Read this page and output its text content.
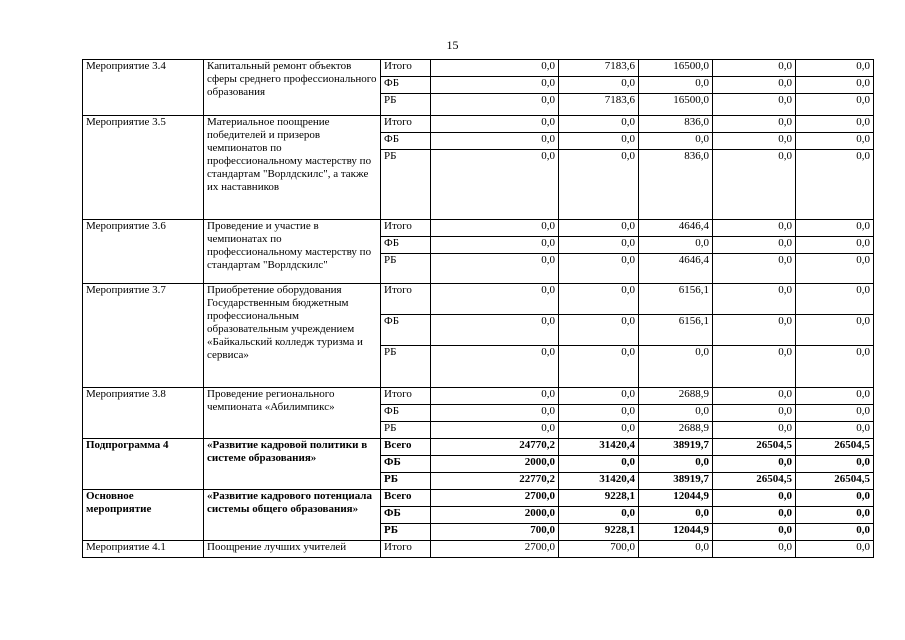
15
Мероприятие 3.4	Капитальный ремонт объектов сферы среднего профессионального образования	Итого	0,0	7183,6	16500,0	0,0	0,0
		ФБ	0,0	0,0	0,0	0,0	0,0
		РБ	0,0	7183,6	16500,0	0,0	0,0
Мероприятие 3.5	Материальное поощрение победителей и призеров чемпионатов по профессиональному мастерству по стандартам "Ворлдскилс", а также их наставников	Итого	0,0	0,0	836,0	0,0	0,0
		ФБ	0,0	0,0	0,0	0,0	0,0
		РБ	0,0	0,0	836,0	0,0	0,0
Мероприятие 3.6	Проведение и участие в чемпионатах по профессиональному мастерству по стандартам "Ворлдскилс"	Итого	0,0	0,0	4646,4	0,0	0,0
		ФБ	0,0	0,0	0,0	0,0	0,0
		РБ	0,0	0,0	4646,4	0,0	0,0
Мероприятие 3.7	Приобретение оборудования Государственным бюджетным профессиональным образовательным учреждением «Байкальский колледж туризма и сервиса»	Итого	0,0	0,0	6156,1	0,0	0,0
		ФБ	0,0	0,0	6156,1	0,0	0,0
		РБ	0,0	0,0	0,0	0,0	0,0
Мероприятие 3.8	Проведение регионального чемпионата «Абилимпикс»	Итого	0,0	0,0	2688,9	0,0	0,0
		ФБ	0,0	0,0	0,0	0,0	0,0
		РБ	0,0	0,0	2688,9	0,0	0,0
Подпрограмма 4	«Развитие кадровой политики в системе образования»	Всего	24770,2	31420,4	38919,7	26504,5	26504,5
		ФБ	2000,0	0,0	0,0	0,0	0,0
		РБ	22770,2	31420,4	38919,7	26504,5	26504,5
Основное мероприятие	«Развитие кадрового потенциала системы общего образования»	Всего	2700,0	9228,1	12044,9	0,0	0,0
		ФБ	2000,0	0,0	0,0	0,0	0,0
		РБ	700,0	9228,1	12044,9	0,0	0,0
Мероприятие 4.1	Поощрение лучших учителей	Итого	2700,0	700,0	0,0	0,0	0,0
